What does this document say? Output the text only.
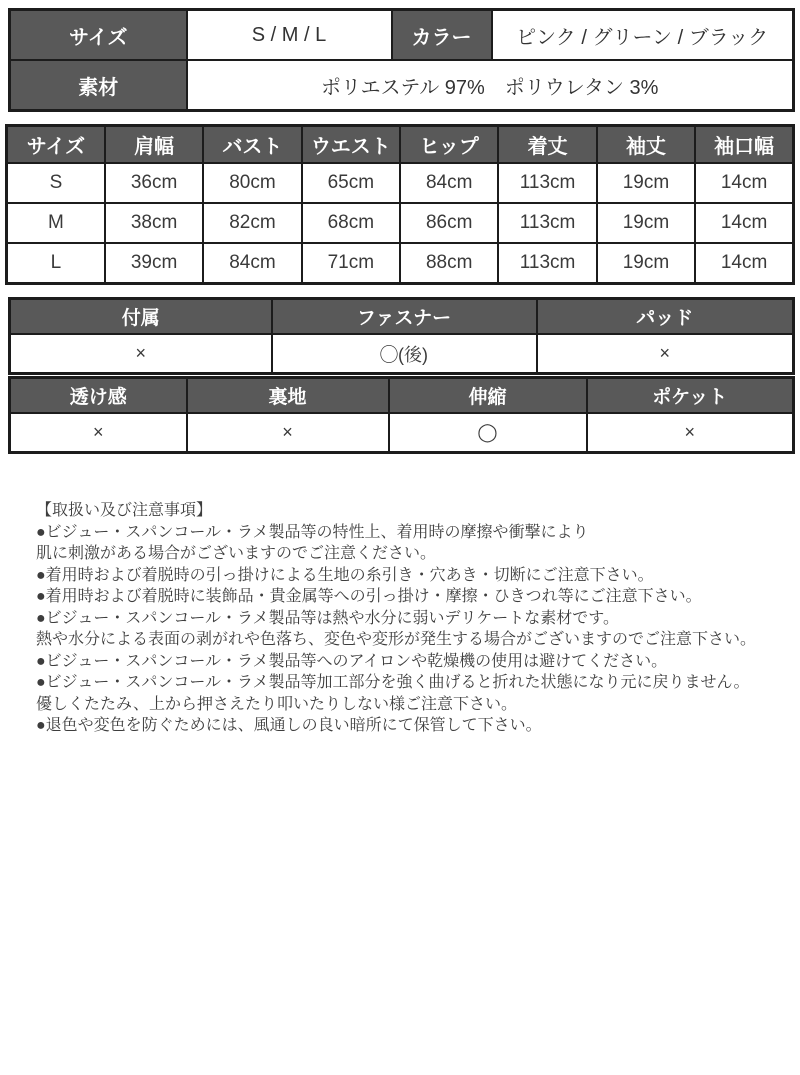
サイズ	S / M / L	カラー	ピンク / グリーン / ブラック
素材	ポリエステル 97%　ポリウレタン 3%		
サイズ	肩幅	バスト	ウエスト	ヒップ	着丈	袖丈	袖口幅
S	36cm	80cm	65cm	84cm	113cm	19cm	14cm
M	38cm	82cm	68cm	86cm	113cm	19cm	14cm
L	39cm	84cm	71cm	88cm	113cm	19cm	14cm
付属	ファスナー	パッド
×	◯(後)	×
透け感	裏地	伸縮	ポケット
×	×	◯	×
【取扱い及び注意事項】
●ビジュー・スパンコール・ラメ製品等の特性上、着用時の摩擦や衝撃により
肌に刺激がある場合がございますのでご注意ください。
●着用時および着脱時の引っ掛けによる生地の糸引き・穴あき・切断にご注意下さい。
●着用時および着脱時に装飾品・貴金属等への引っ掛け・摩擦・ひきつれ等にご注意下さい。
●ビジュー・スパンコール・ラメ製品等は熱や水分に弱いデリケートな素材です。
熱や水分による表面の剥がれや色落ち、変色や変形が発生する場合がございますのでご注意下さい。
●ビジュー・スパンコール・ラメ製品等へのアイロンや乾燥機の使用は避けてください。
●ビジュー・スパンコール・ラメ製品等加工部分を強く曲げると折れた状態になり元に戻りません。
優しくたたみ、上から押さえたり叩いたりしない様ご注意下さい。
●退色や変色を防ぐためには、風通しの良い暗所にて保管して下さい。
